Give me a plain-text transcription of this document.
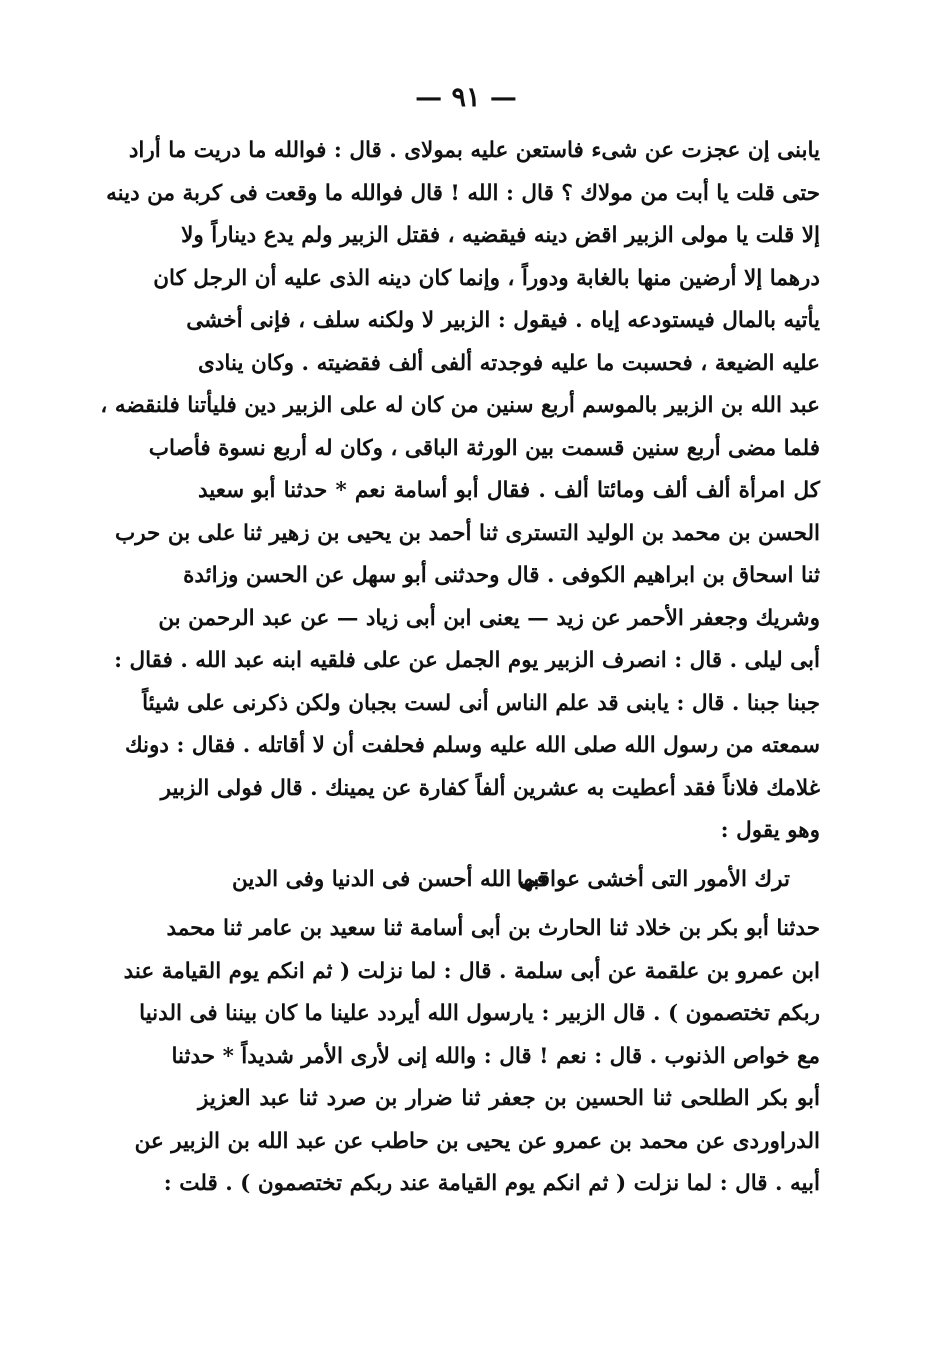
— ٩١ —
يابنى إن عجزت عن شىء فاستعن عليه بمولاى . قال : فوالله ما دريت ما أراد
حتى قلت يا أبت من مولاك ؟ قال : الله ! قال فوالله ما وقعت فى كربة من دينه
إلا قلت يا مولى الزبير اقض دينه فيقضيه ، فقتل الزبير ولم يدع ديناراً ولا
درهما إلا أرضين منها بالغابة ودوراً ، وإنما كان دينه الذى عليه أن الرجل كان
يأتيه بالمال فيستودعه إياه . فيقول : الزبير لا ولكنه سلف ، فإنى أخشى
عليه الضيعة ، فحسبت ما عليه فوجدته ألفى ألف فقضيته . وكان ينادى
عبد الله بن الزبير بالموسم أربع سنين من كان له على الزبير دين فليأتنا فلنقضه ،
فلما مضى أربع سنين قسمت بين الورثة الباقى ، وكان له أربع نسوة فأصاب
كل امرأة ألف ألف ومائتا ألف . فقال أبو أسامة نعم * حدثنا أبو سعيد
الحسن بن محمد بن الوليد التسترى ثنا أحمد بن يحيى بن زهير ثنا على بن حرب
ثنا اسحاق بن ابراهيم الكوفى . قال وحدثنى أبو سهل عن الحسن وزائدة
وشريك وجعفر الأحمر عن زيد — يعنى ابن أبى زياد — عن عبد الرحمن بن
أبى ليلى . قال : انصرف الزبير يوم الجمل عن على فلقيه ابنه عبد الله . فقال :
جبنا جبنا . قال : يابنى قد علم الناس أنى لست بجبان ولكن ذكرنى على شيئاً
سمعته من رسول الله صلى الله عليه وسلم فحلفت أن لا أقاتله . فقال : دونك
غلامك فلاناً فقد أعطيت به عشرين ألفاً كفارة عن يمينك . قال فولى الزبير
وهو يقول :
ترك الأمور التى أخشى عواقبها
فى الله أحسن فى الدنيا وفى الدين
حدثنا أبو بكر بن خلاد ثنا الحارث بن أبى أسامة ثنا سعيد بن عامر ثنا محمد
ابن عمرو بن علقمة عن أبى سلمة . قال : لما نزلت ( ثم انكم يوم القيامة عند
ربكم تختصمون ) . قال الزبير : يارسول الله أيردد علينا ما كان بيننا فى الدنيا
مع خواص الذنوب . قال : نعم ! قال : والله إنى لأرى الأمر شديداً * حدثنا
أبو بكر الطلحى ثنا الحسين بن جعفر ثنا ضرار بن صرد ثنا عبد العزيز
الدراوردى عن محمد بن عمرو عن يحيى بن حاطب عن عبد الله بن الزبير عن
أبيه . قال : لما نزلت ( ثم انكم يوم القيامة عند ربكم تختصمون ) . قلت :
